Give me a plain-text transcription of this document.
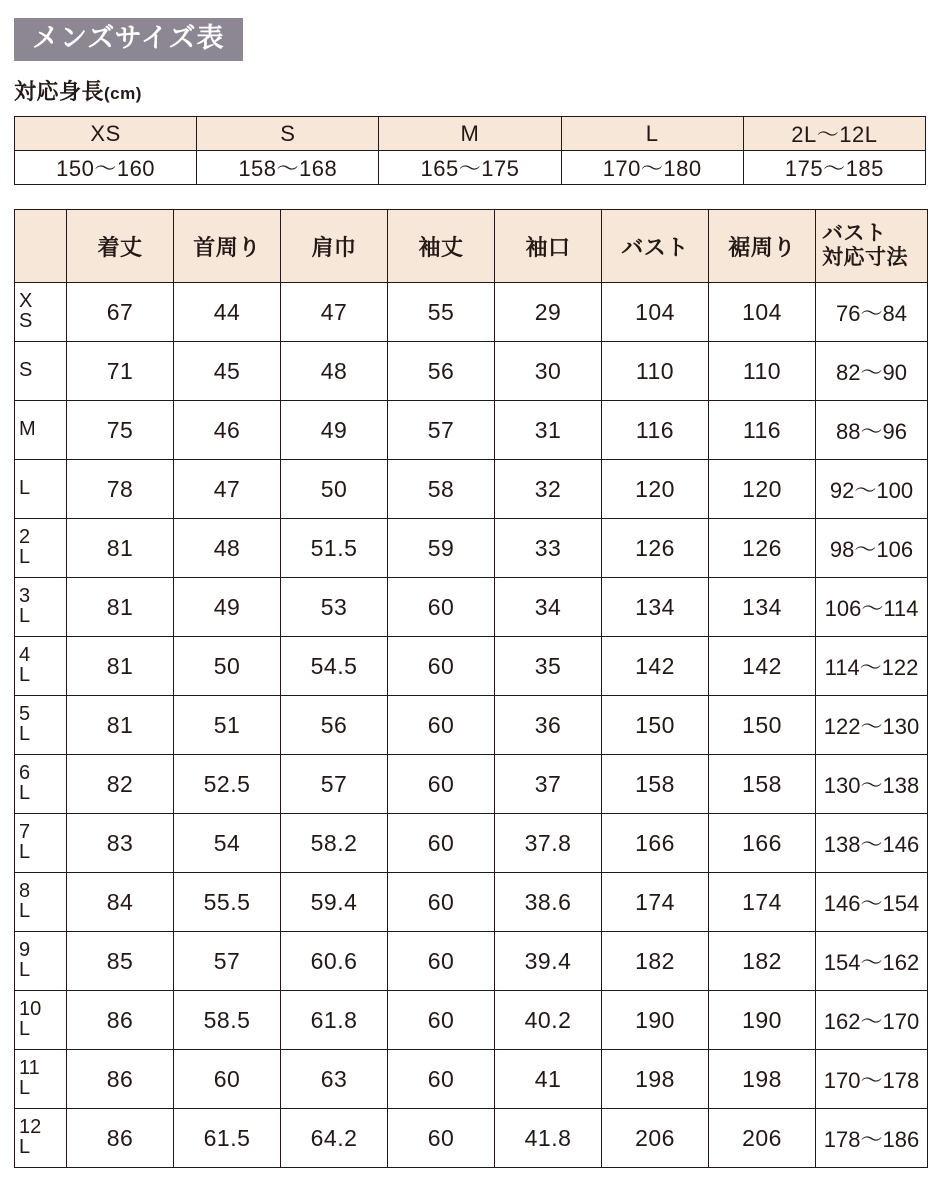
メンズサイズ表
対応身長(cm)
XS	S	M	L	2L〜12L
150〜160	158〜168	165〜175	170〜180	175〜185
	着丈	首周り	肩巾	袖丈	袖口	バスト	裾周り	バスト
対応寸法

X
S	67	44	47	55	29	104	104	76〜84

S	71	45	48	56	30	110	110	82〜90

M	75	46	49	57	31	116	116	88〜96

L	78	47	50	58	32	120	120	92〜100

2
L	81	48	51.5	59	33	126	126	98〜106

3
L	81	49	53	60	34	134	134	106〜114

4
L	81	50	54.5	60	35	142	142	114〜122

5
L	81	51	56	60	36	150	150	122〜130

6
L	82	52.5	57	60	37	158	158	130〜138

7
L	83	54	58.2	60	37.8	166	166	138〜146

8
L	84	55.5	59.4	60	38.6	174	174	146〜154

9
L	85	57	60.6	60	39.4	182	182	154〜162

10
L	86	58.5	61.8	60	40.2	190	190	162〜170

11
L	86	60	63	60	41	198	198	170〜178

12
L	86	61.5	64.2	60	41.8	206	206	178〜186
